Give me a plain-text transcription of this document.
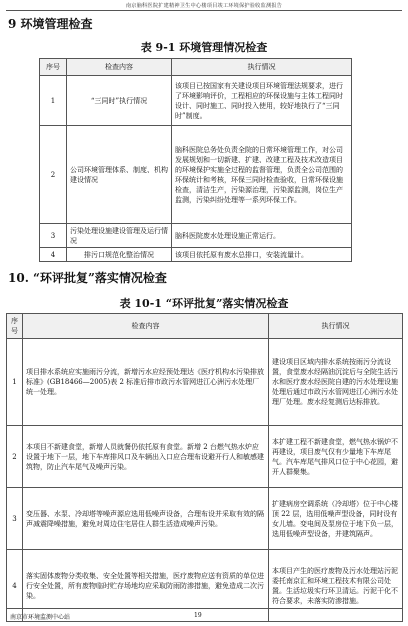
南京脑科医院扩建精神卫生中心楼项目竣工环境保护验收监测报告
9 环境管理检查
表 9-1 环境管理情况检查
序号	检查内容	执行情况
1	“三同时”执行情况	该项目已按国家有关建设项目环境管理法规要求，进行了环境影响评价，工程相应的环保设施与主体工程同时设计、同时施工、同时投入使用，较好地执行了“三同时”制度。
2	公司环境管理体系、制度、机构建设情况	脑科医院总务处负责全院的日常环境管理工作，对公司发展规划和一切新建、扩建、改建工程及技术改造项目的环境保护实施全过程的监督管理，负责全公司范围的环保统计和考核，环保三同时检查验收，日常环保设施检查，清洁生产，污染源治理，污染源监测，岗位生产监测，污染纠纷处理等一系列环保工作。
3	污染处理设施建设管理及运行情况	脑科医院废水处理设施正常运行。
4	排污口规范化整治情况	该项目依托原有废水总排口，安装流量计。
10. “环评批复”落实情况检查
表 10-1 “环评批复”落实情况检查
序号	检查内容	执行情况
1	项目排水系统应实施雨污分流，新增污水应经预处理达《医疗机构水污染排放标准》(GB18466—2005)表 2 标准后排市政污水管网进江心洲污水处理厂统一处理。	建设项目区域内排水系统按雨污分流设置，食堂废水经隔油沉淀后与全院生活污水和医疗废水经医院自建的污水处理设施处理后通过市政污水管网进江心洲污水处理厂处理。废水经复测后达标排放。
2	本项目不新建食堂，新增人员就餐仍依托原有食堂。新增 2 台燃气热水炉应设置于地下一层，地下车库排风口及车辆出入口应合理布设避开行人和敏感建筑物，防止汽车尾气及噪声污染。	本扩建工程不新建食堂，燃气热水锅炉不再建设，项目废气仅有少量地下车库尾气。汽车库尾气排风口位于中心花园，避开人群聚集。
3	变压器、水泵、冷却塔等噪声源应选用低噪声设备，合理布设并采取有效的隔声减震降噪措施，避免对周边住宅居住人群生活造成噪声污染。	扩建病房空调系统（冷却塔）位于中心楼顶 22 层，选用低噪声型设备，同时设有女儿墙。变电间及泵房位于地下负一层，选用低噪声型设备，并建筑隔声。
4	落实固体废物分类收集、安全处置等相关措施，医疗废物应送有资质的单位进行安全处置，所有废物临时贮存场地均应采取防雨防渗措施，避免造成二次污染。	本项目产生的医疗废物及污水处理站污泥委托南京汇和环境工程技术有限公司处置。生活垃圾实行环卫清运。污泥干化不符合要求，未落实防渗措施。
南京市环境监测中心站	19
